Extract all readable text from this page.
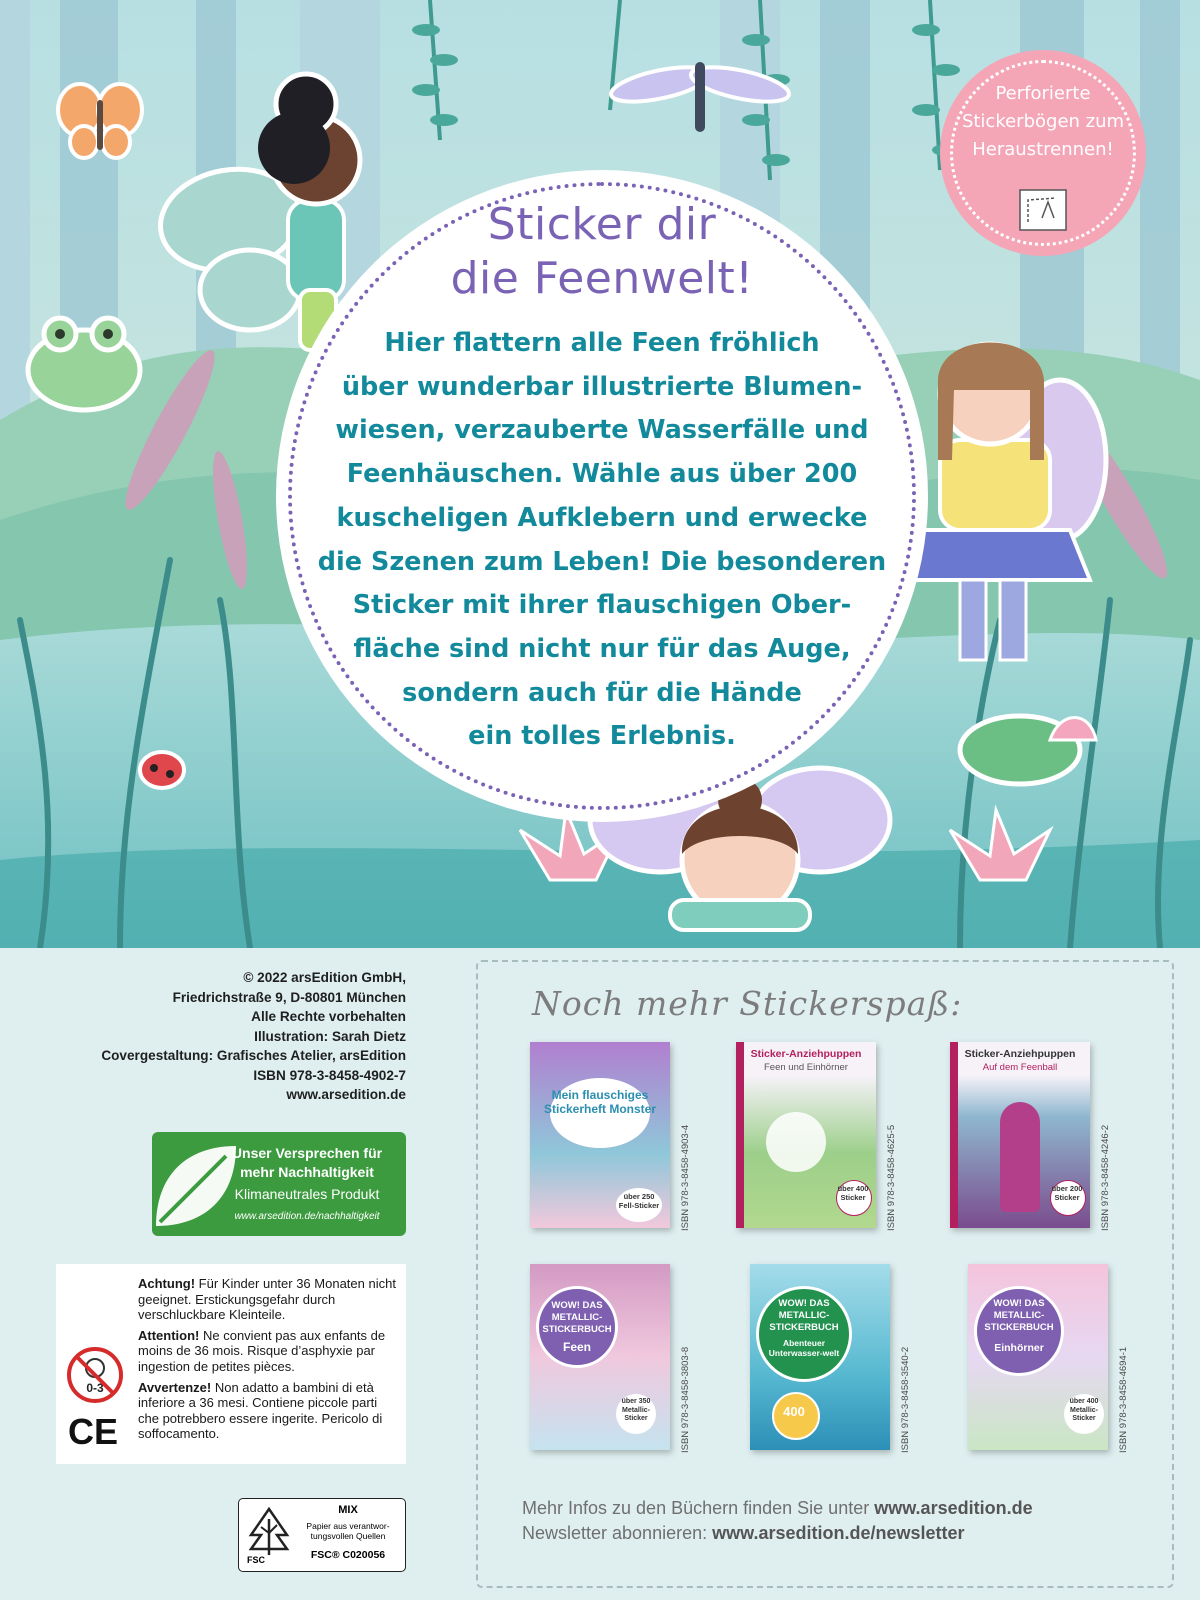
Sticker dir
die Feenwelt!
Hier flattern alle Feen fröhlich
über wunderbar illustrierte Blumen-
wiesen, verzauberte Wasserfälle und
Feenhäuschen. Wähle aus über 200
kuscheligen Aufklebern und erwecke
die Szenen zum Leben! Die besonderen
Sticker mit ihrer flauschigen Ober-
fläche sind nicht nur für das Auge,
sondern auch für die Hände
ein tolles Erlebnis.
Perforierte
Stickerbögen zum
Heraustrennen!
© 2022 arsEdition GmbH,
Friedrichstraße 9, D-80801 München
Alle Rechte vorbehalten
Illustration: Sarah Dietz
Covergestaltung: Grafisches Atelier, arsEdition
ISBN 978-3-8458-4902-7
www.arsedition.de
Unser Versprechen für
mehr Nachhaltigkeit
Klimaneutrales Produkt
www.arsedition.de/nachhaltigkeit
0-3
CE

Achtung! Für Kinder unter 36 Monaten nicht geeignet. Erstickungsgefahr durch verschluckbare Kleinteile.

Attention! Ne convient pas aux enfants de moins de 36 mois. Risque d’asphyxie par ingestion de petites pièces.

Avvertenze! Non adatto a bambini di età inferiore a 36 mesi. Contiene piccole parti che potrebbero essere ingerite. Pericolo di soffocamento.

FSC
MIX
Papier aus verantwor-
tungsvollen Quellen
FSC® C020056
Noch mehr Stickerspaß:
Mein flauschiges Stickerheft Monster
über 250 Fell-Sticker ISBN 978-3-8458-4903-4
Sticker-Anziehpuppen
Feen und Einhörner
über 400 Sticker	ISBN 978-3-8458-4625-5
Sticker-Anziehpuppen
Auf dem Feenball
über 200 Sticker	ISBN 978-3-8458-4246-2
WOW! DAS METALLIC-STICKERBUCH
Feen
über 350 Metallic-Sticker	ISBN 978-3-8458-3803-8
WOW! DAS METALLIC-STICKERBUCH
Abenteuer Unterwasser-welt
400	ISBN 978-3-8458-3540-2
WOW! DAS METALLIC-STICKERBUCH
Einhörner
über 400 Metallic-Sticker	ISBN 978-3-8458-4694-1
Mehr Infos zu den Büchern finden Sie unter www.arsedition.de
Newsletter abonnieren: www.arsedition.de/newsletter
